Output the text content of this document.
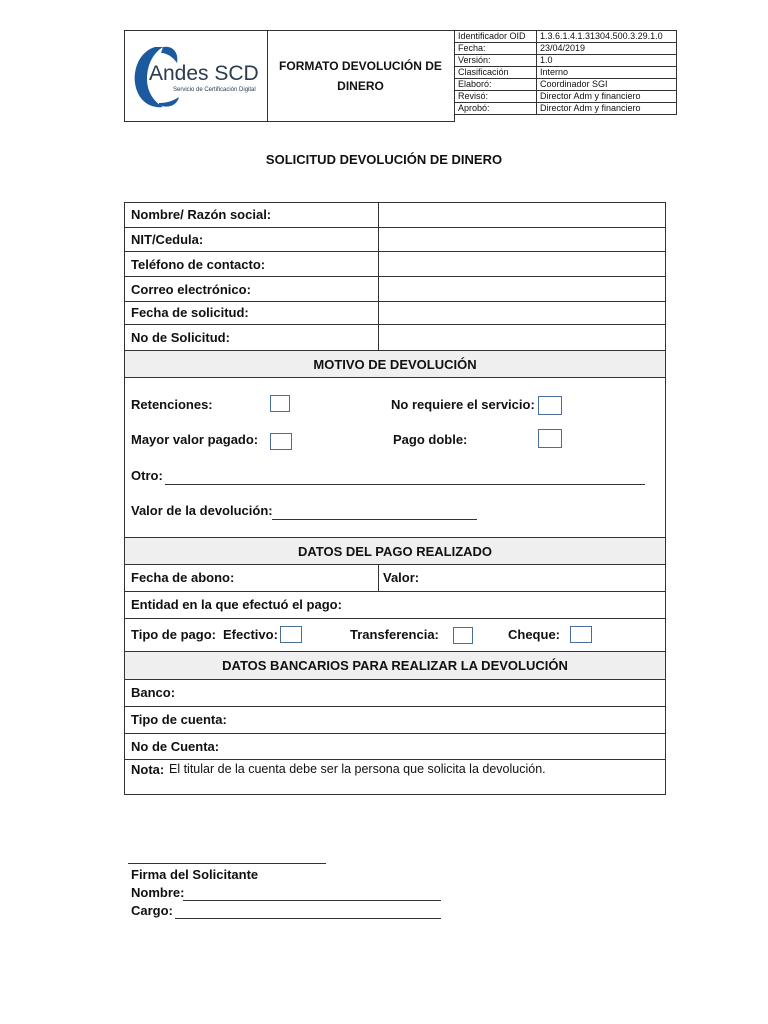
Andes SCD
Servicio de Certificación Digital
FORMATO DEVOLUCIÓN DE DINERO
Identificador OID	1.3.6.1.4.1.31304.500.3.29.1.0
Fecha:	23/04/2019
Versión:	1.0
Clasificación	Interno
Elaboró:	Coordinador SGI
Revisó:	Director Adm y financiero
Aprobó:	Director Adm y financiero
SOLICITUD DEVOLUCIÓN DE DINERO
Nombre/ Razón social:
NIT/Cedula:
Teléfono de contacto:
Correo electrónico:
Fecha de solicitud:
No de Solicitud:
MOTIVO DE DEVOLUCIÓN
Retenciones:	No requiere el servicio:
Mayor valor pagado:	Pago doble:
Otro:
Valor de la devolución:
DATOS DEL PAGO REALIZADO
Fecha de abono:	Valor:
Entidad en la que efectuó el pago:
Tipo de pago: Efectivo:	Transferencia:	Cheque:
DATOS BANCARIOS PARA REALIZAR LA DEVOLUCIÓN
Banco:
Tipo de cuenta:
No de Cuenta:
Nota: El titular de la cuenta debe ser la persona que solicita la devolución.
Firma del Solicitante
Nombre:
Cargo:
